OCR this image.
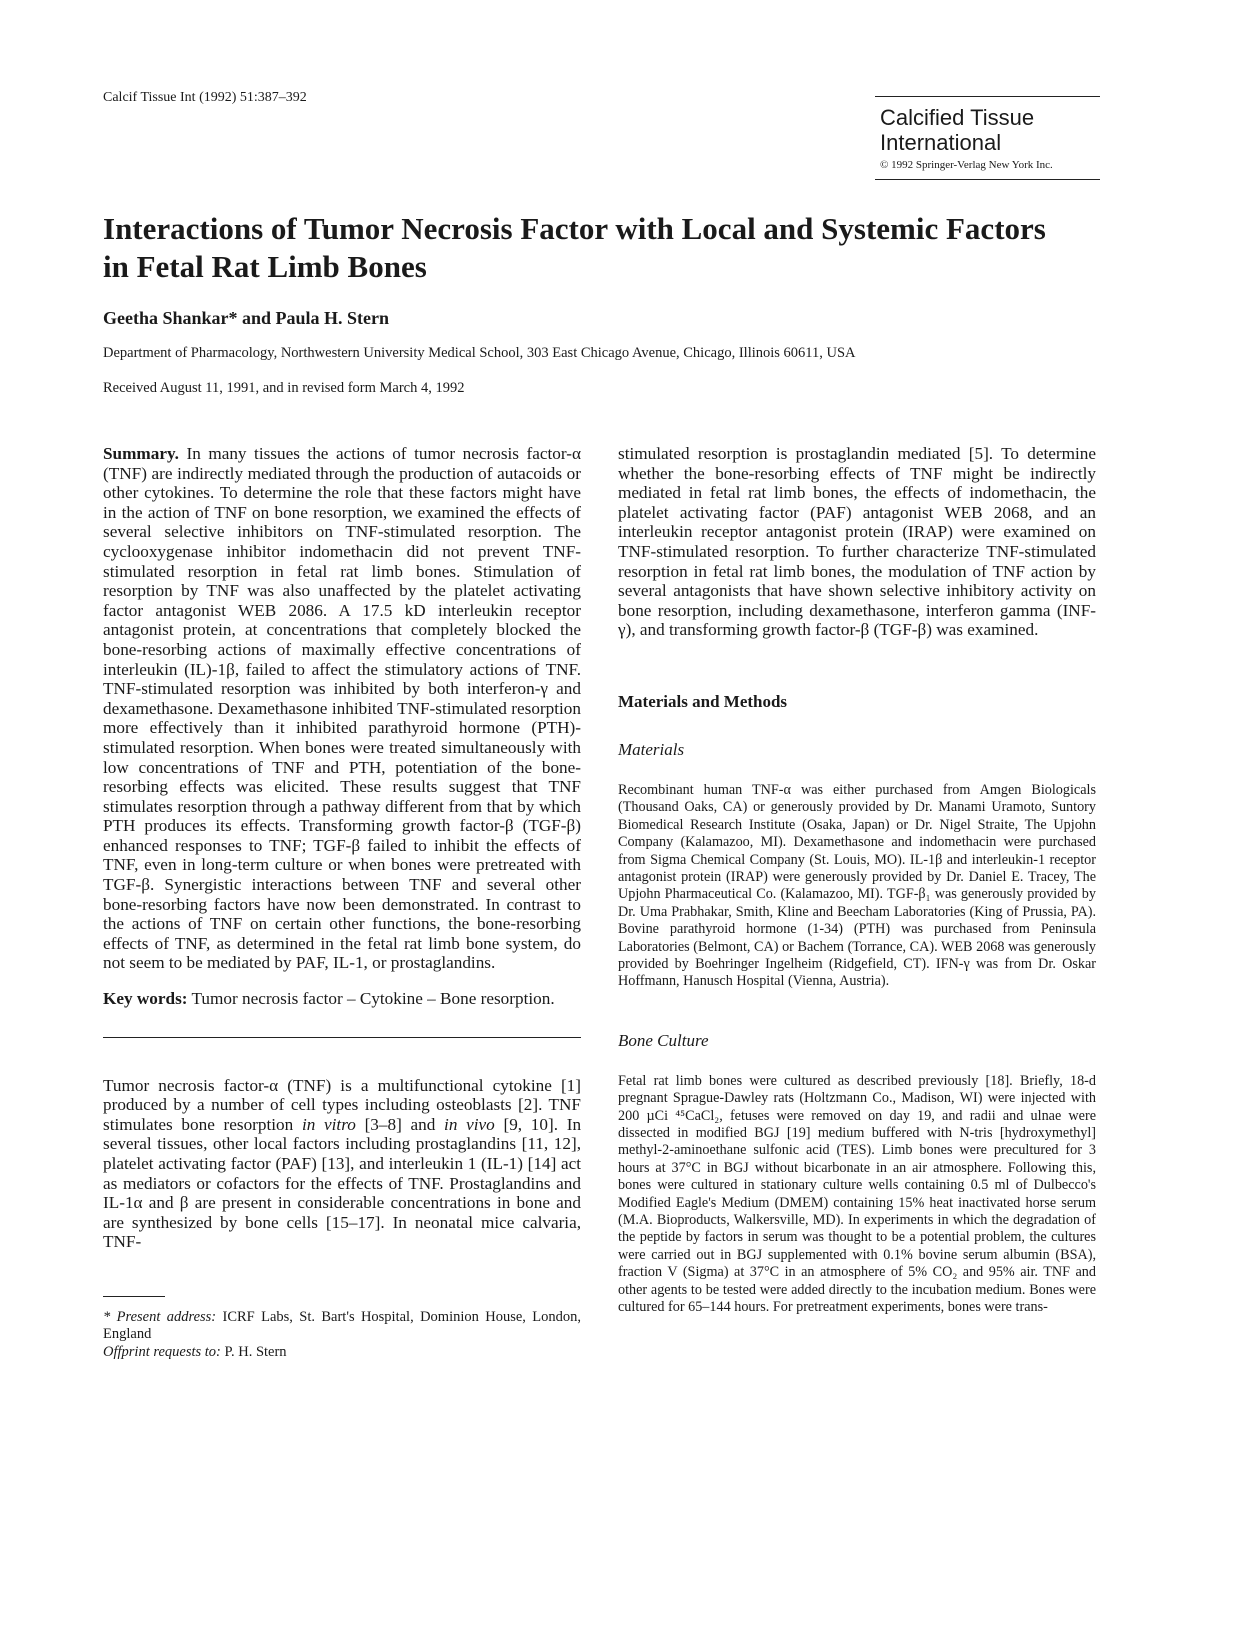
Calcif Tissue Int (1992) 51:387–392
Calcified Tissue
International
© 1992 Springer-Verlag New York Inc.
Interactions of Tumor Necrosis Factor with Local and Systemic Factors in Fetal Rat Limb Bones
Geetha Shankar* and Paula H. Stern
Department of Pharmacology, Northwestern University Medical School, 303 East Chicago Avenue, Chicago, Illinois 60611, USA
Received August 11, 1991, and in revised form March 4, 1992

Summary. In many tissues the actions of tumor necrosis factor-α (TNF) are indirectly mediated through the production of autacoids or other cytokines. To determine the role that these factors might have in the action of TNF on bone resorption, we examined the effects of several selective inhibitors on TNF-stimulated resorption. The cyclooxygenase inhibitor indomethacin did not prevent TNF-stimulated resorption in fetal rat limb bones. Stimulation of resorption by TNF was also unaffected by the platelet activating factor antagonist WEB 2086. A 17.5 kD interleukin receptor antagonist protein, at concentrations that completely blocked the bone-resorbing actions of maximally effective concentrations of interleukin (IL)-1β, failed to affect the stimulatory actions of TNF. TNF-stimulated resorption was inhibited by both interferon-γ and dexamethasone. Dexamethasone inhibited TNF-stimulated resorption more effectively than it inhibited parathyroid hormone (PTH)-stimulated resorption. When bones were treated simultaneously with low concentrations of TNF and PTH, potentiation of the bone-resorbing effects was elicited. These results suggest that TNF stimulates resorption through a pathway different from that by which PTH produces its effects. Transforming growth factor-β (TGF-β) enhanced responses to TNF; TGF-β failed to inhibit the effects of TNF, even in long-term culture or when bones were pretreated with TGF-β. Synergistic interactions between TNF and several other bone-resorbing factors have now been demonstrated. In contrast to the actions of TNF on certain other functions, the bone-resorbing effects of TNF, as determined in the fetal rat limb bone system, do not seem to be mediated by PAF, IL-1, or prostaglandins.

Key words: Tumor necrosis factor – Cytokine – Bone resorption.

Tumor necrosis factor-α (TNF) is a multifunctional cytokine [1] produced by a number of cell types including osteoblasts [2]. TNF stimulates bone resorption in vitro [3–8] and in vivo [9, 10]. In several tissues, other local factors including prostaglandins [11, 12], platelet activating factor (PAF) [13], and interleukin 1 (IL-1) [14] act as mediators or cofactors for the effects of TNF. Prostaglandins and IL-1α and β are present in considerable concentrations in bone and are synthesized by bone cells [15–17]. In neonatal mice calvaria, TNF-

* Present address: ICRF Labs, St. Bart's Hospital, Dominion House, London, England

Offprint requests to: P. H. Stern

stimulated resorption is prostaglandin mediated [5]. To determine whether the bone-resorbing effects of TNF might be indirectly mediated in fetal rat limb bones, the effects of indomethacin, the platelet activating factor (PAF) antagonist WEB 2068, and an interleukin receptor antagonist protein (IRAP) were examined on TNF-stimulated resorption. To further characterize TNF-stimulated resorption in fetal rat limb bones, the modulation of TNF action by several antagonists that have shown selective inhibitory activity on bone resorption, including dexamethasone, interferon gamma (INF-γ), and transforming growth factor-β (TGF-β) was examined.

Materials and Methods
Materials

Recombinant human TNF-α was either purchased from Amgen Biologicals (Thousand Oaks, CA) or generously provided by Dr. Manami Uramoto, Suntory Biomedical Research Institute (Osaka, Japan) or Dr. Nigel Straite, The Upjohn Company (Kalamazoo, MI). Dexamethasone and indomethacin were purchased from Sigma Chemical Company (St. Louis, MO). IL-1β and interleukin-1 receptor antagonist protein (IRAP) were generously provided by Dr. Daniel E. Tracey, The Upjohn Pharmaceutical Co. (Kalamazoo, MI). TGF-β₁ was generously provided by Dr. Uma Prabhakar, Smith, Kline and Beecham Laboratories (King of Prussia, PA). Bovine parathyroid hormone (1-34) (PTH) was purchased from Peninsula Laboratories (Belmont, CA) or Bachem (Torrance, CA). WEB 2068 was generously provided by Boehringer Ingelheim (Ridgefield, CT). IFN-γ was from Dr. Oskar Hoffmann, Hanusch Hospital (Vienna, Austria).

Bone Culture

Fetal rat limb bones were cultured as described previously [18]. Briefly, 18-d pregnant Sprague-Dawley rats (Holtzmann Co., Madison, WI) were injected with 200 µCi ⁴⁵CaCl₂, fetuses were removed on day 19, and radii and ulnae were dissected in modified BGJ [19] medium buffered with N-tris [hydroxymethyl] methyl-2-aminoethane sulfonic acid (TES). Limb bones were precultured for 3 hours at 37°C in BGJ without bicarbonate in an air atmosphere. Following this, bones were cultured in stationary culture wells containing 0.5 ml of Dulbecco's Modified Eagle's Medium (DMEM) containing 15% heat inactivated horse serum (M.A. Bioproducts, Walkersville, MD). In experiments in which the degradation of the peptide by factors in serum was thought to be a potential problem, the cultures were carried out in BGJ supplemented with 0.1% bovine serum albumin (BSA), fraction V (Sigma) at 37°C in an atmosphere of 5% CO₂ and 95% air. TNF and other agents to be tested were added directly to the incubation medium. Bones were cultured for 65–144 hours. For pretreatment experiments, bones were trans-
